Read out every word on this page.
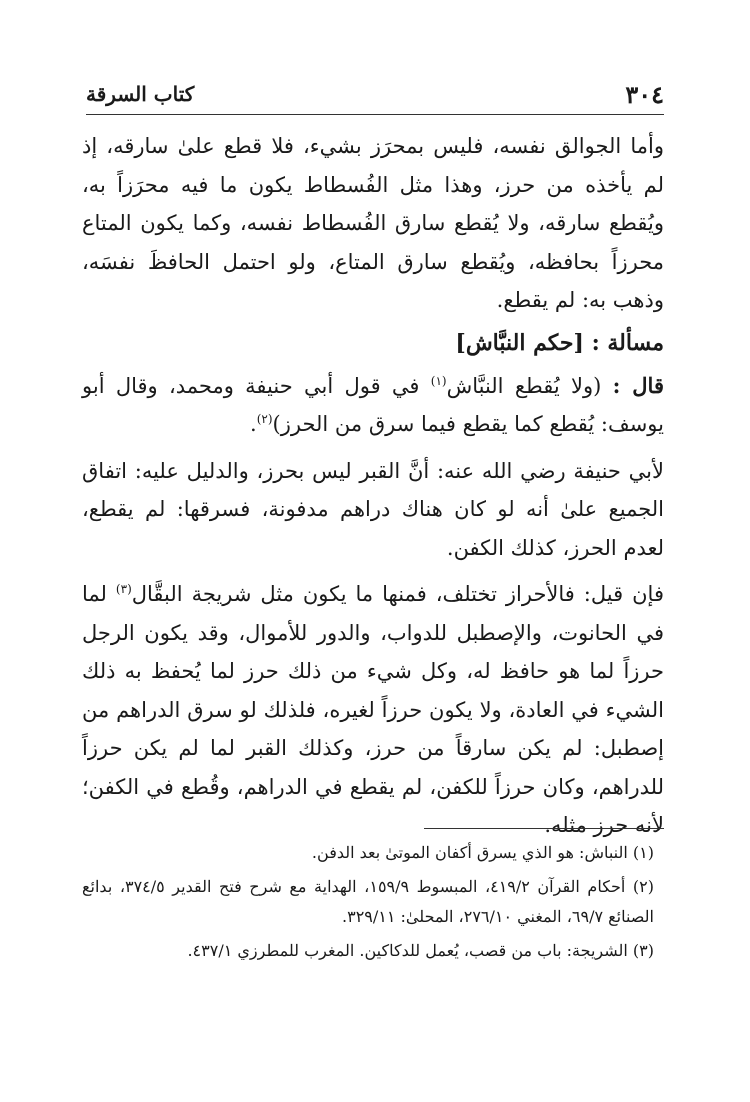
٣٠٤
كتاب السرقة

وأما الجوالق نفسه، فليس بمحرَز بشيء، فلا قطع علىٰ سارقه، إذ لم يأخذه من حرز، وهذا مثل الفُسطاط يكون ما فيه محرَزاً به، ويُقطع سارقه، ولا يُقطع سارق الفُسطاط نفسه، وكما يكون المتاع محرزاً بحافظه، ويُقطع سارق المتاع، ولو احتمل الحافظَ نفسَه، وذهب به: لم يقطع.

مسألة : [حكم النبَّاش]

قال : (ولا يُقطع النبَّاش$^{(١)}$ في قول أبي حنيفة ومحمد، وقال أبو يوسف: يُقطع كما يقطع فيما سرق من الحرز)$^{(٢)}$.

لأبي حنيفة رضي الله عنه: أنَّ القبر ليس بحرز، والدليل عليه: اتفاق الجميع علىٰ أنه لو كان هناك دراهم مدفونة، فسرقها: لم يقطع، لعدم الحرز، كذلك الكفن.

فإن قيل: فالأحراز تختلف، فمنها ما يكون مثل شريجة البقَّال$^{(٣)}$ لما في الحانوت، والإصطبل للدواب، والدور للأموال، وقد يكون الرجل حرزاً لما هو حافظ له، وكل شيء من ذلك حرز لما يُحفظ به ذلك الشيء في العادة، ولا يكون حرزاً لغيره، فلذلك لو سرق الدراهم من إصطبل: لم يكن سارقاً من حرز، وكذلك القبر لما لم يكن حرزاً للدراهم، وكان حرزاً للكفن، لم يقطع في الدراهم، وقُطع في الكفن؛ لأنه حرز مثله.

(١) النباش: هو الذي يسرق أكفان الموتىٰ بعد الدفن.

(٢) أحكام القرآن ٤١٩/٢، المبسوط ١٥٩/٩، الهداية مع شرح فتح القدير ٣٧٤/٥، بدائع الصنائع ٦٩/٧، المغني ٢٧٦/١٠، المحلىٰ: ٣٢٩/١١.

(٣) الشريجة: باب من قصب، يُعمل للدكاكين. المغرب للمطرزي ٤٣٧/١.
